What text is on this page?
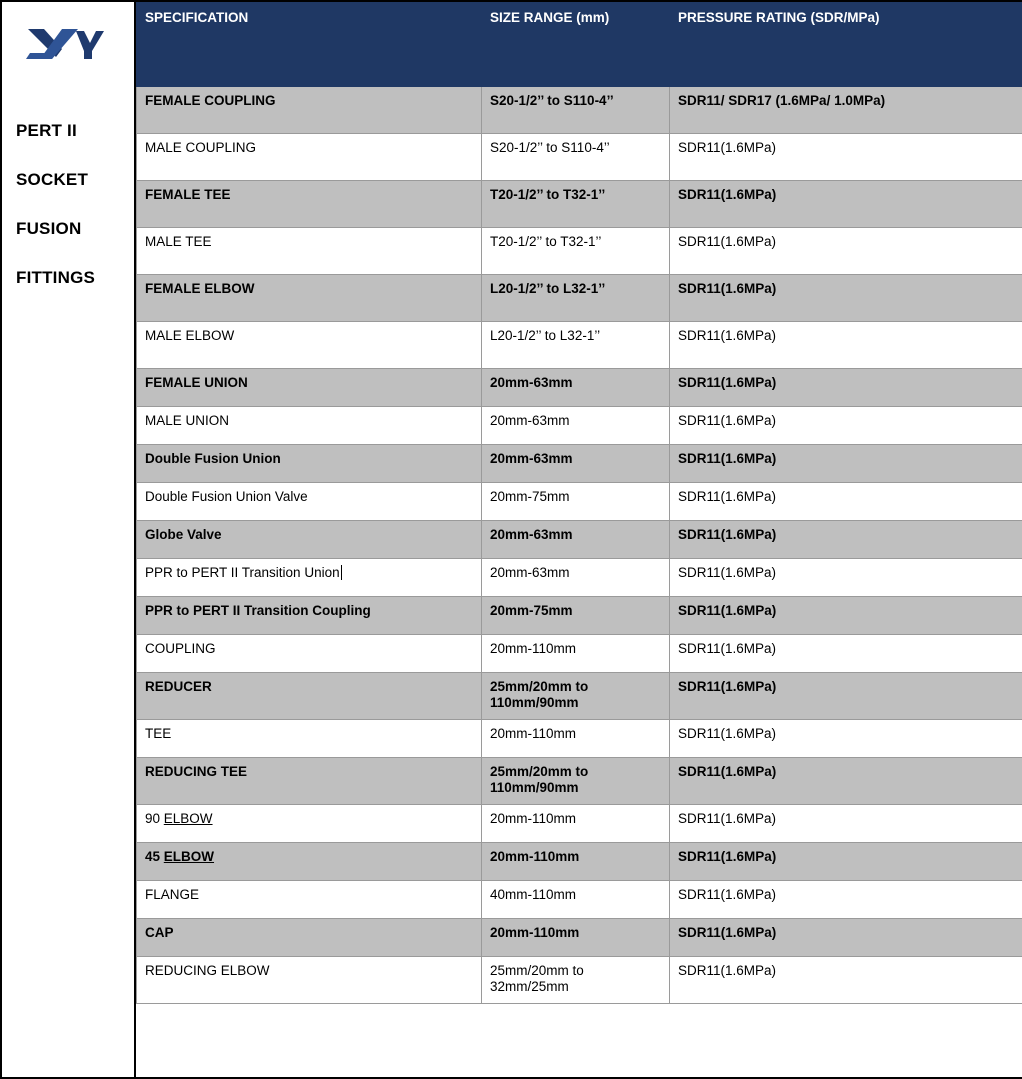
PERT II
SOCKET
FUSION
FITTINGS
SPECIFICATION	SIZE RANGE (mm)	PRESSURE RATING (SDR/MPa)
FEMALE COUPLING	S20-1/2’’ to S110-4’’	SDR11/ SDR17 (1.6MPa/ 1.0MPa)
MALE COUPLING	S20-1/2’’ to S110-4’’	SDR11(1.6MPa)
FEMALE TEE	T20-1/2’’ to T32-1’’	SDR11(1.6MPa)
MALE TEE	T20-1/2’’ to T32-1’’	SDR11(1.6MPa)
FEMALE ELBOW	L20-1/2’’ to L32-1’’	SDR11(1.6MPa)
MALE ELBOW	L20-1/2’’ to L32-1’’	SDR11(1.6MPa)
FEMALE UNION	20mm-63mm	SDR11(1.6MPa)
MALE UNION	20mm-63mm	SDR11(1.6MPa)
Double Fusion Union	20mm-63mm	SDR11(1.6MPa)
Double Fusion Union Valve	20mm-75mm	SDR11(1.6MPa)
Globe Valve	20mm-63mm	SDR11(1.6MPa)
PPR to PERT II Transition Union	20mm-63mm	SDR11(1.6MPa)
PPR to PERT II Transition Coupling	20mm-75mm	SDR11(1.6MPa)
COUPLING	20mm-110mm	SDR11(1.6MPa)
REDUCER	25mm/20mm to 110mm/90mm	SDR11(1.6MPa)
TEE	20mm-110mm	SDR11(1.6MPa)
REDUCING TEE	25mm/20mm to 110mm/90mm	SDR11(1.6MPa)
90 ELBOW	20mm-110mm	SDR11(1.6MPa)
45 ELBOW	20mm-110mm	SDR11(1.6MPa)
FLANGE	40mm-110mm	SDR11(1.6MPa)
CAP	20mm-110mm	SDR11(1.6MPa)
REDUCING ELBOW	25mm/20mm to 32mm/25mm	SDR11(1.6MPa)
